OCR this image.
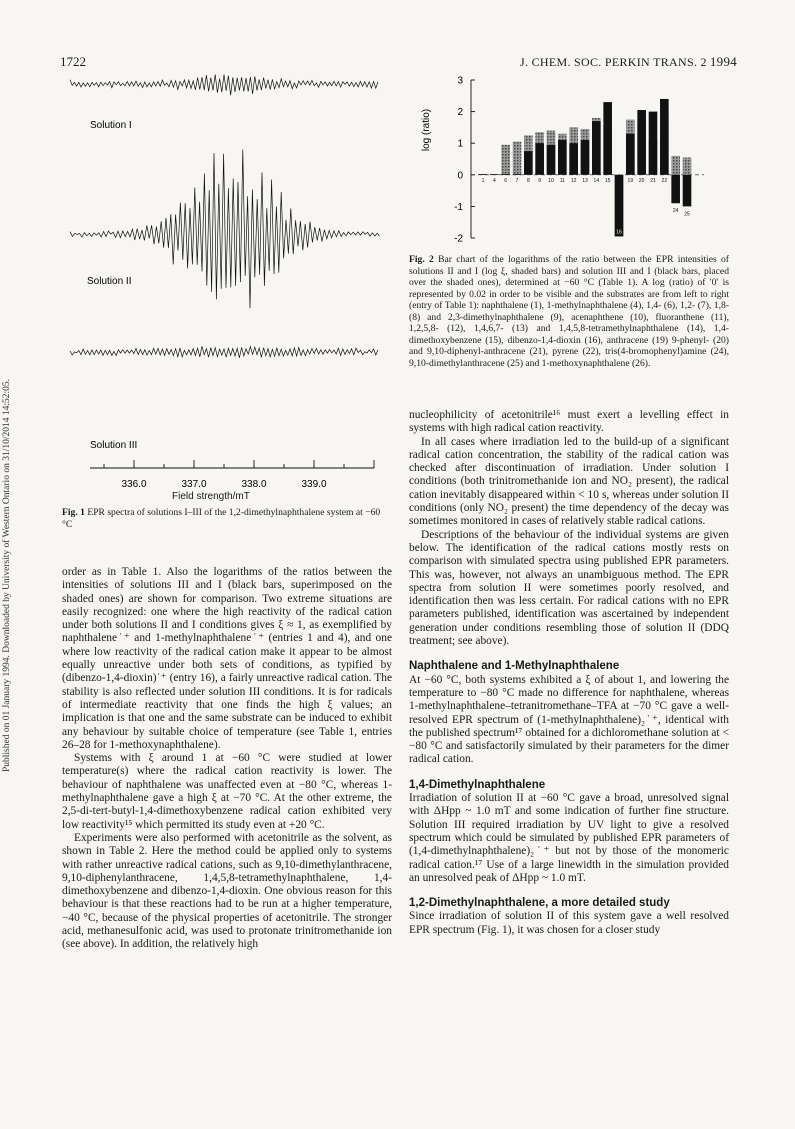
Published on 01 January 1994. Downloaded by University of Western Ontario on 31/10/2014 14:52:05.
1722	J. CHEM. SOC. PERKIN TRANS. 2 1994
Solution I
Solution II
Solution III
336.0	337.0	338.0	339.0
Field strength/mT
Fig. 1 EPR spectra of solutions I–III of the 1,2-dimethylnaphthalene system at −60 °C
log (ratio)
3
2
1
0
-1
-2
1 4 6 7 8 9 10 11 12 13 14 15
16
19 20 21 22
24
25
Fig. 2 Bar chart of the logarithms of the ratio between the EPR intensities of solutions II and I (log ξ, shaded bars) and solution III and I (black bars, placed over the shaded ones), determined at −60 °C (Table 1). A log (ratio) of '0' is represented by 0.02 in order to be visible and the substrates are from left to right (entry of Table 1): naphthalene (1), 1-methylnaphthalene (4), 1,4- (6), 1,2- (7), 1,8- (8) and 2,3-dimethylnaphthalene (9), acenaphthene (10), fluoranthene (11), 1,2,5,8- (12), 1,4,6,7- (13) and 1,4,5,8-tetramethylnaphthalene (14), 1,4-dimethoxybenzene (15), dibenzo-1,4-dioxin (16), anthracene (19) 9-phenyl- (20) and 9,10-diphenyl-anthracene (21), pyrene (22), tris(4-bromophenyl)amine (24), 9,10-dimethylanthracene (25) and 1-methoxynaphthalene (26).

order as in Table 1. Also the logarithms of the ratios between the intensities of solutions III and I (black bars, superimposed on the shaded ones) are shown for comparison. Two extreme situations are easily recognized: one where the high reactivity of the radical cation under both solutions II and I conditions gives ξ ≈ 1, as exemplified by naphthalene˙⁺ and 1-methylnaphthalene˙⁺ (entries 1 and 4), and one where low reactivity of the radical cation make it appear to be almost equally unreactive under both sets of conditions, as typified by (dibenzo-1,4-dioxin)˙⁺ (entry 16), a fairly unreactive radical cation. The stability is also reflected under solution III conditions. It is for radicals of intermediate reactivity that one finds the high ξ values; an implication is that one and the same substrate can be induced to exhibit any behaviour by suitable choice of temperature (see Table 1, entries 26–28 for 1-methoxynaphthalene).

Systems with ξ around 1 at −60 °C were studied at lower temperature(s) where the radical cation reactivity is lower. The behaviour of naphthalene was unaffected even at −80 °C, whereas 1-methylnaphthalene gave a high ξ at −70 °C. At the other extreme, the 2,5-di-tert-butyl-1,4-dimethoxybenzene radical cation exhibited very low reactivity¹⁵ which permitted its study even at +20 °C.

Experiments were also performed with acetonitrile as the solvent, as shown in Table 2. Here the method could be applied only to systems with rather unreactive radical cations, such as 9,10-dimethylanthracene, 9,10-diphenylanthracene, 1,4,5,8-tetramethylnaphthalene, 1,4-dimethoxybenzene and dibenzo-1,4-dioxin. One obvious reason for this behaviour is that these reactions had to be run at a higher temperature, −40 °C, because of the physical properties of acetonitrile. The stronger acid, methanesulfonic acid, was used to protonate trinitromethanide ion (see above). In addition, the relatively high

nucleophilicity of acetonitrile¹⁶ must exert a levelling effect in systems with high radical cation reactivity.

In all cases where irradiation led to the build-up of a significant radical cation concentration, the stability of the radical cation was checked after discontinuation of irradiation. Under solution I conditions (both trinitromethanide ion and NO₂ present), the radical cation inevitably disappeared within < 10 s, whereas under solution II conditions (only NO₂ present) the time dependency of the decay was sometimes monitored in cases of relatively stable radical cations.

Descriptions of the behaviour of the individual systems are given below. The identification of the radical cations mostly rests on comparison with simulated spectra using published EPR parameters. This was, however, not always an unambiguous method. The EPR spectra from solution II were sometimes poorly resolved, and identification then was less certain. For radical cations with no EPR parameters published, identification was ascertained by independent generation under conditions resembling those of solution II (DDQ treatment; see above).

Naphthalene and 1-Methylnaphthalene

At −60 °C, both systems exhibited a ξ of about 1, and lowering the temperature to −80 °C made no difference for naphthalene, whereas 1-methylnaphthalene–tetranitromethane–TFA at −70 °C gave a well-resolved EPR spectrum of (1-methylnaphthalene)₂˙⁺, identical with the published spectrum¹⁷ obtained for a dichloromethane solution at < −80 °C and satisfactorily simulated by their parameters for the dimer radical cation.

1,4-Dimethylnaphthalene

Irradiation of solution II at −60 °C gave a broad, unresolved signal with ΔHpp ~ 1.0 mT and some indication of further fine structure. Solution III required irradiation by UV light to give a resolved spectrum which could be simulated by published EPR parameters of (1,4-dimethylnaphthalene)₂˙⁺ but not by those of the monomeric radical cation.¹⁷ Use of a large linewidth in the simulation provided an unresolved peak of ΔHpp ~ 1.0 mT.

1,2-Dimethylnaphthalene, a more detailed study

Since irradiation of solution II of this system gave a well resolved EPR spectrum (Fig. 1), it was chosen for a closer study
